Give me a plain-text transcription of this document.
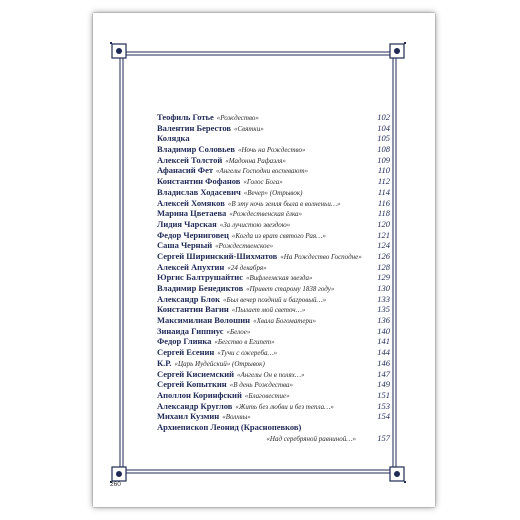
Теофиль Готье «Рождество»	102
Валентин Берестов «Святки»	104
Колядка	105
Владимир Соловьев «Ночь на Рождество»	108
Алексей Толстой «Мадонна Рафаэля»	109
Афанасий Фет «Ангелы Господни воспевают»	110
Константин Фофанов «Голос Бога»	112
Владислав Ходасевич «Вечер» (Отрывок)	114
Алексей Хомяков «В эту ночь земля была в волненьи…»	116
Марина Цветаева «Рождественская ёлка»	118
Лидия Чарская «За лучистою звездою»	120
Федор Черниговец «Когда из врат святого Рая…»	121
Саша Черный «Рождественское»	124
Сергей Ширинский-Шихматов «На Рождество Господне» 126
Алексей Апухтин «24 декабря»	128
Юргис Балтрушайтис «Вифлеемская звезда»	129
Владимир Бенедиктов «Привет старому 1838 году»	130
Александр Блок «Был вечер поздний и багровый…»	133
Константин Вагин «Пылает мой светоч…»	135
Максимилиан Волошин «Хвала Богоматери»	136
Зинаида Гиппиус «Белое»	140
Федор Глинка «Бегство в Египет»	141
Сергей Есенин «Тучи с ожереба…»	144
К.Р. «Царь Иудейский» (Отрывок)	146
Сергей Кисиемский «Ангелы Он в полях…»	147
Сергей Копыткин «В день Рождества»	149
Аполлон Коринфский «Благовестие»	151
Александр Круглов «Жить без любви и без тепла…»	153
Михаил Кузмин «Волхвы»	154
Архиепископ Леонид (Краснопевков)
«Над серебряной равниной…»	157
260
